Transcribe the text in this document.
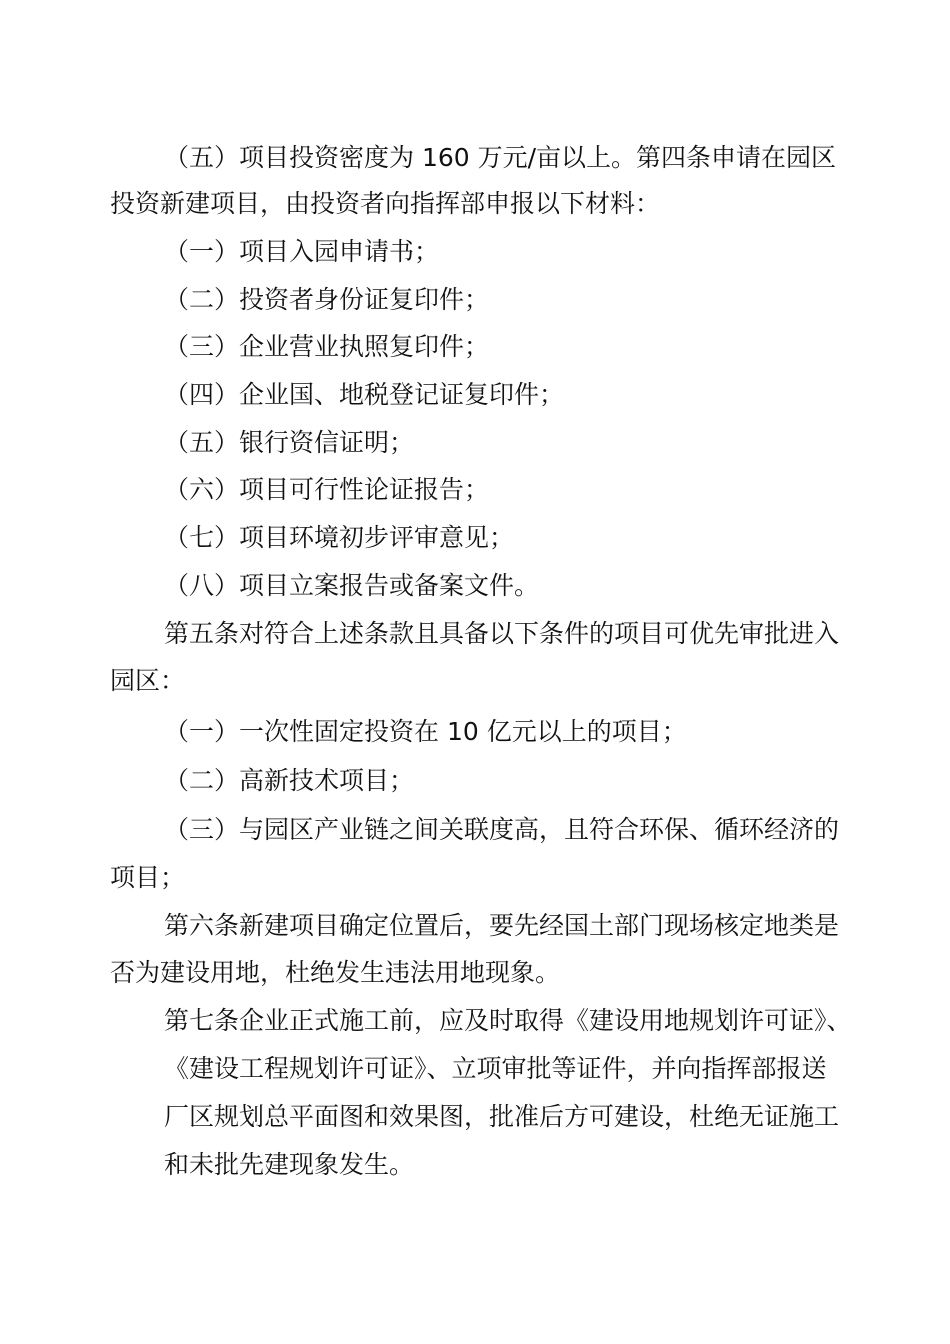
（五）项目投资密度为 160 万元/亩以上。第四条申请在园区
投资新建项目，由投资者向指挥部申报以下材料：
（一）项目入园申请书；
（二）投资者身份证复印件；
（三）企业营业执照复印件；
（四）企业国、地税登记证复印件；
（五）银行资信证明；
（六）项目可行性论证报告；
（七）项目环境初步评审意见；
（八）项目立案报告或备案文件。
第五条对符合上述条款且具备以下条件的项目可优先审批进入
园区：
（一）一次性固定投资在 10 亿元以上的项目；
（二）高新技术项目；
（三）与园区产业链之间关联度高，且符合环保、循环经济的
项目；
第六条新建项目确定位置后，要先经国土部门现场核定地类是
否为建设用地，杜绝发生违法用地现象。
第七条企业正式施工前，应及时取得《建设用地规划许可证》、
《建设工程规划许可证》、立项审批等证件，并向指挥部报送
厂区规划总平面图和效果图，批准后方可建设，杜绝无证施工
和未批先建现象发生。
